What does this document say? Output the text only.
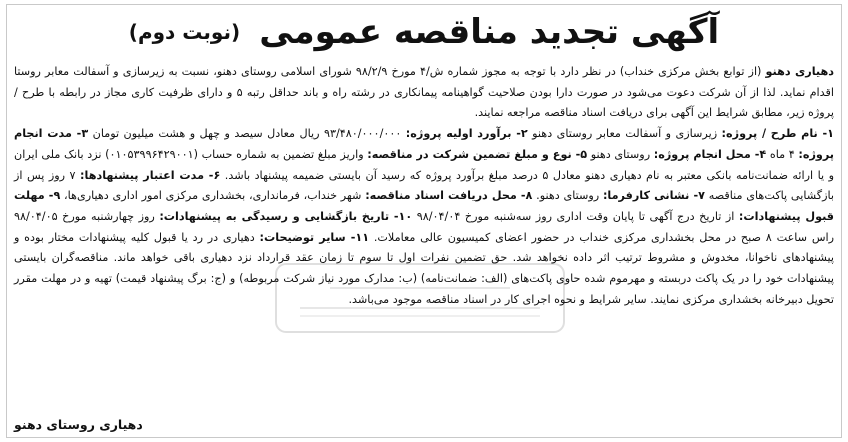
آگهی تجدید مناقصه عمومی (نوبت دوم)

دهیاری دهنو (از توابع بخش مرکزی خنداب) در نظر دارد با توجه به مجوز شماره ش/۴ مورخ ۹۸/۲/۹ شورای اسلامی روستای دهنو، نسبت به زیرسازی و آسفالت معابر روستا اقدام نماید. لذا از آن شرکت دعوت می‌شود در صورت دارا بودن صلاحیت گواهینامه پیمانکاری در رشته راه و باند حداقل رتبه ۵ و دارای ظرفیت کاری مجاز در رابطه با طرح / پروژه زیر، مطابق شرایط این آگهی برای دریافت اسناد مناقصه مراجعه نمایند.

۱- نام طرح / پروژه: زیرسازی و آسفالت معابر روستای دهنو ۲- برآورد اولیه پروژه: ۹۳/۴۸۰/۰۰۰/۰۰۰ ریال معادل سیصد و چهل و هشت میلیون تومان ۳- مدت انجام پروژه: ۴ ماه ۴- محل انجام پروژه: روستای دهنو ۵- نوع و مبلغ تضمین شرکت در مناقصه: واریز مبلغ تضمین به شماره حساب (۰۱۰۵۳۹۹۶۴۲۹۰۰۱) نزد بانک ملی ایران و یا ارائه ضمانت‌نامه بانکی معتبر به نام دهیاری دهنو معادل ۵ درصد مبلغ برآورد پروژه که رسید آن بایستی ضمیمه پیشنهاد باشد. ۶- مدت اعتبار پیشنهادها: ۷ روز پس از بازگشایی پاکت‌های مناقصه ۷- نشانی کارفرما: روستای دهنو. ۸- محل دریافت اسناد مناقصه: شهر خنداب، فرمانداری، بخشداری مرکزی امور اداری دهیاری‌ها، ۹- مهلت قبول پیشنهادات: از تاریخ درج آگهی تا پایان وقت اداری روز سه‌شنبه مورخ ۹۸/۰۴/۰۴ ۱۰- تاریخ بازگشایی و رسیدگی به پیشنهادات: روز چهارشنبه مورخ ۹۸/۰۴/۰۵ راس ساعت ۸ صبح در محل بخشداری مرکزی خنداب در حضور اعضای کمیسیون عالی معاملات. ۱۱- سایر توضیحات: دهیاری در رد یا قبول کلیه پیشنهادات مختار بوده و پیشنهادهای ناخوانا، مخدوش و مشروط ترتیب اثر داده نخواهد شد. حق تضمین نفرات اول تا سوم تا زمان عقد قرارداد نزد دهیاری باقی خواهد ماند. مناقصه‌گران بایستی پیشنهادات خود را در یک پاکت دربسته و مهرموم شده حاوی پاکت‌های (الف: ضمانت‌نامه) (ب: مدارک مورد نیاز شرکت مربوطه) و (ج: برگ پیشنهاد قیمت) تهیه و در مهلت مقرر تحویل دبیرخانه بخشداری مرکزی نمایند. سایر شرایط و نحوه اجرای کار در اسناد مناقصه موجود می‌باشد.

دهیاری روستای دهنو
